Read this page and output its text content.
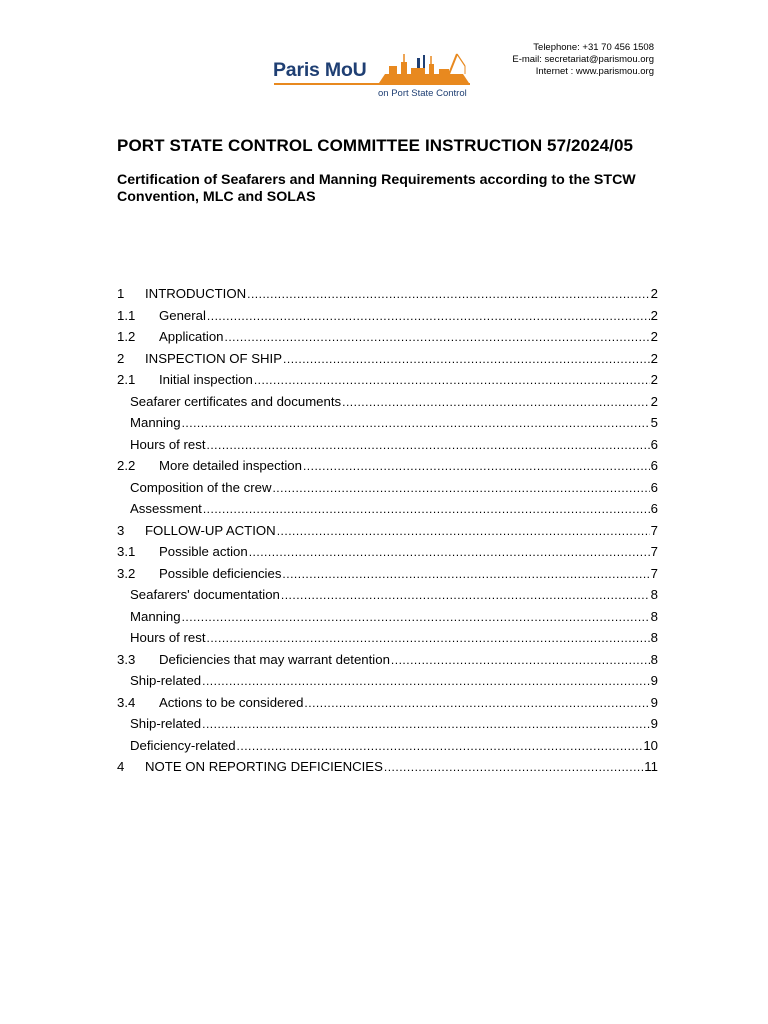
Paris MoU
on Port State Control
Telephone: +31 70 456 1508
E-mail: secretariat@parismou.org
Internet : www.parismou.org
PORT STATE CONTROL COMMITTEE INSTRUCTION 57/2024/05
Certification of Seafarers and Manning Requirements according to the STCW Convention, MLC and SOLAS
1	INTRODUCTION .....	2
1.1	General .....	2
1.2	Application .....	2
2	INSPECTION OF SHIP .....	2
2.1	Initial inspection .....	2
Seafarer certificates and documents .....	2
Manning .....	5
Hours of rest .....	6
2.2	More detailed inspection .....	6
Composition of the crew .....	6
Assessment .....	6
3	FOLLOW-UP ACTION .....	7
3.1	Possible action .....	7
3.2	Possible deficiencies .....	7
Seafarers' documentation .....	8
Manning .....	8
Hours of rest .....	8
3.3	Deficiencies that may warrant detention .....	8
Ship-related .....	9
3.4	Actions to be considered .....	9
Ship-related .....	9
Deficiency-related .....	10
4	NOTE ON REPORTING DEFICIENCIES .....	11
